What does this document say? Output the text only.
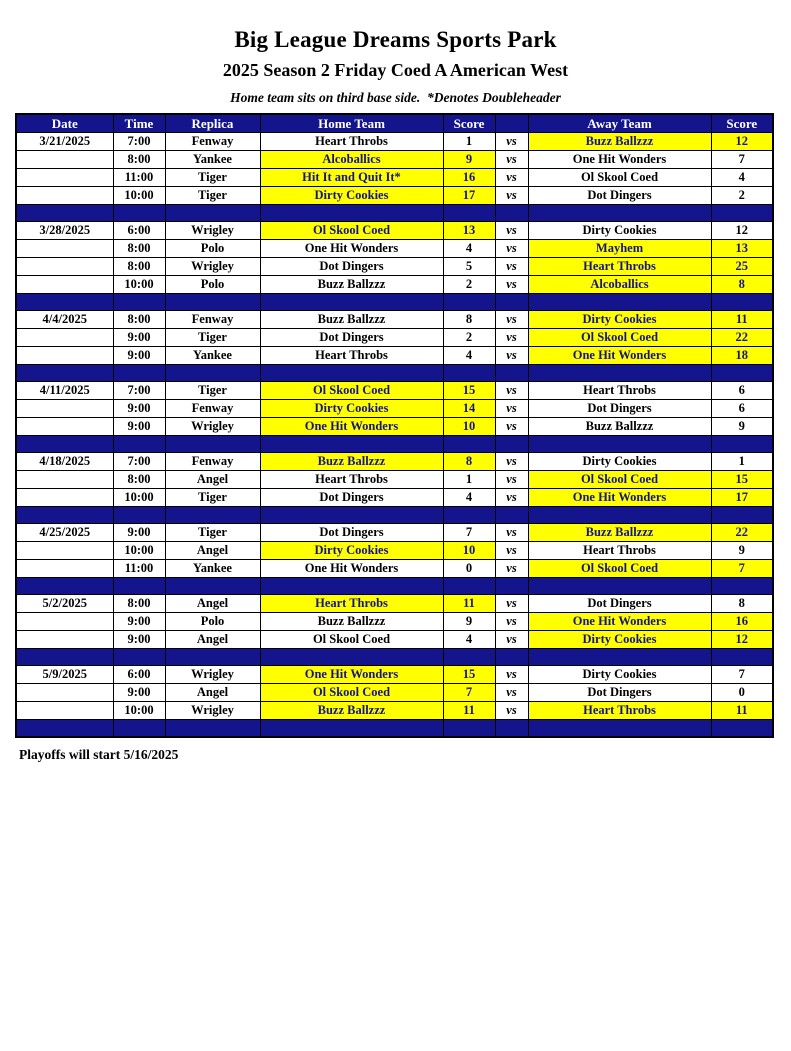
Big League Dreams Sports Park
2025 Season 2 Friday Coed A American West
Home team sits on third base side.  *Denotes Doubleheader
Date	Time	Replica	Home Team	Score		Away Team	Score
3/21/2025	7:00	Fenway	Heart Throbs	1	vs	Buzz Ballzzz	12
	8:00	Yankee	Alcoballics	9	vs	One Hit Wonders	7
	11:00	Tiger	Hit It and Quit It*	16	vs	Ol Skool Coed	4
	10:00	Tiger	Dirty Cookies	17	vs	Dot Dingers	2

3/28/2025	6:00	Wrigley	Ol Skool Coed	13	vs	Dirty Cookies	12
	8:00	Polo	One Hit Wonders	4	vs	Mayhem	13
	8:00	Wrigley	Dot Dingers	5	vs	Heart Throbs	25
	10:00	Polo	Buzz Ballzzz	2	vs	Alcoballics	8

4/4/2025	8:00	Fenway	Buzz Ballzzz	8	vs	Dirty Cookies	11
	9:00	Tiger	Dot Dingers	2	vs	Ol Skool Coed	22
	9:00	Yankee	Heart Throbs	4	vs	One Hit Wonders	18

4/11/2025	7:00	Tiger	Ol Skool Coed	15	vs	Heart Throbs	6
	9:00	Fenway	Dirty Cookies	14	vs	Dot Dingers	6
	9:00	Wrigley	One Hit Wonders	10	vs	Buzz Ballzzz	9

4/18/2025	7:00	Fenway	Buzz Ballzzz	8	vs	Dirty Cookies	1
	8:00	Angel	Heart Throbs	1	vs	Ol Skool Coed	15
	10:00	Tiger	Dot Dingers	4	vs	One Hit Wonders	17

4/25/2025	9:00	Tiger	Dot Dingers	7	vs	Buzz Ballzzz	22
	10:00	Angel	Dirty Cookies	10	vs	Heart Throbs	9
	11:00	Yankee	One Hit Wonders	0	vs	Ol Skool Coed	7

5/2/2025	8:00	Angel	Heart Throbs	11	vs	Dot Dingers	8
	9:00	Polo	Buzz Ballzzz	9	vs	One Hit Wonders	16
	9:00	Angel	Ol Skool Coed	4	vs	Dirty Cookies	12

5/9/2025	6:00	Wrigley	One Hit Wonders	15	vs	Dirty Cookies	7
	9:00	Angel	Ol Skool Coed	7	vs	Dot Dingers	0
	10:00	Wrigley	Buzz Ballzzz	11	vs	Heart Throbs	11

Playoffs will start 5/16/2025
